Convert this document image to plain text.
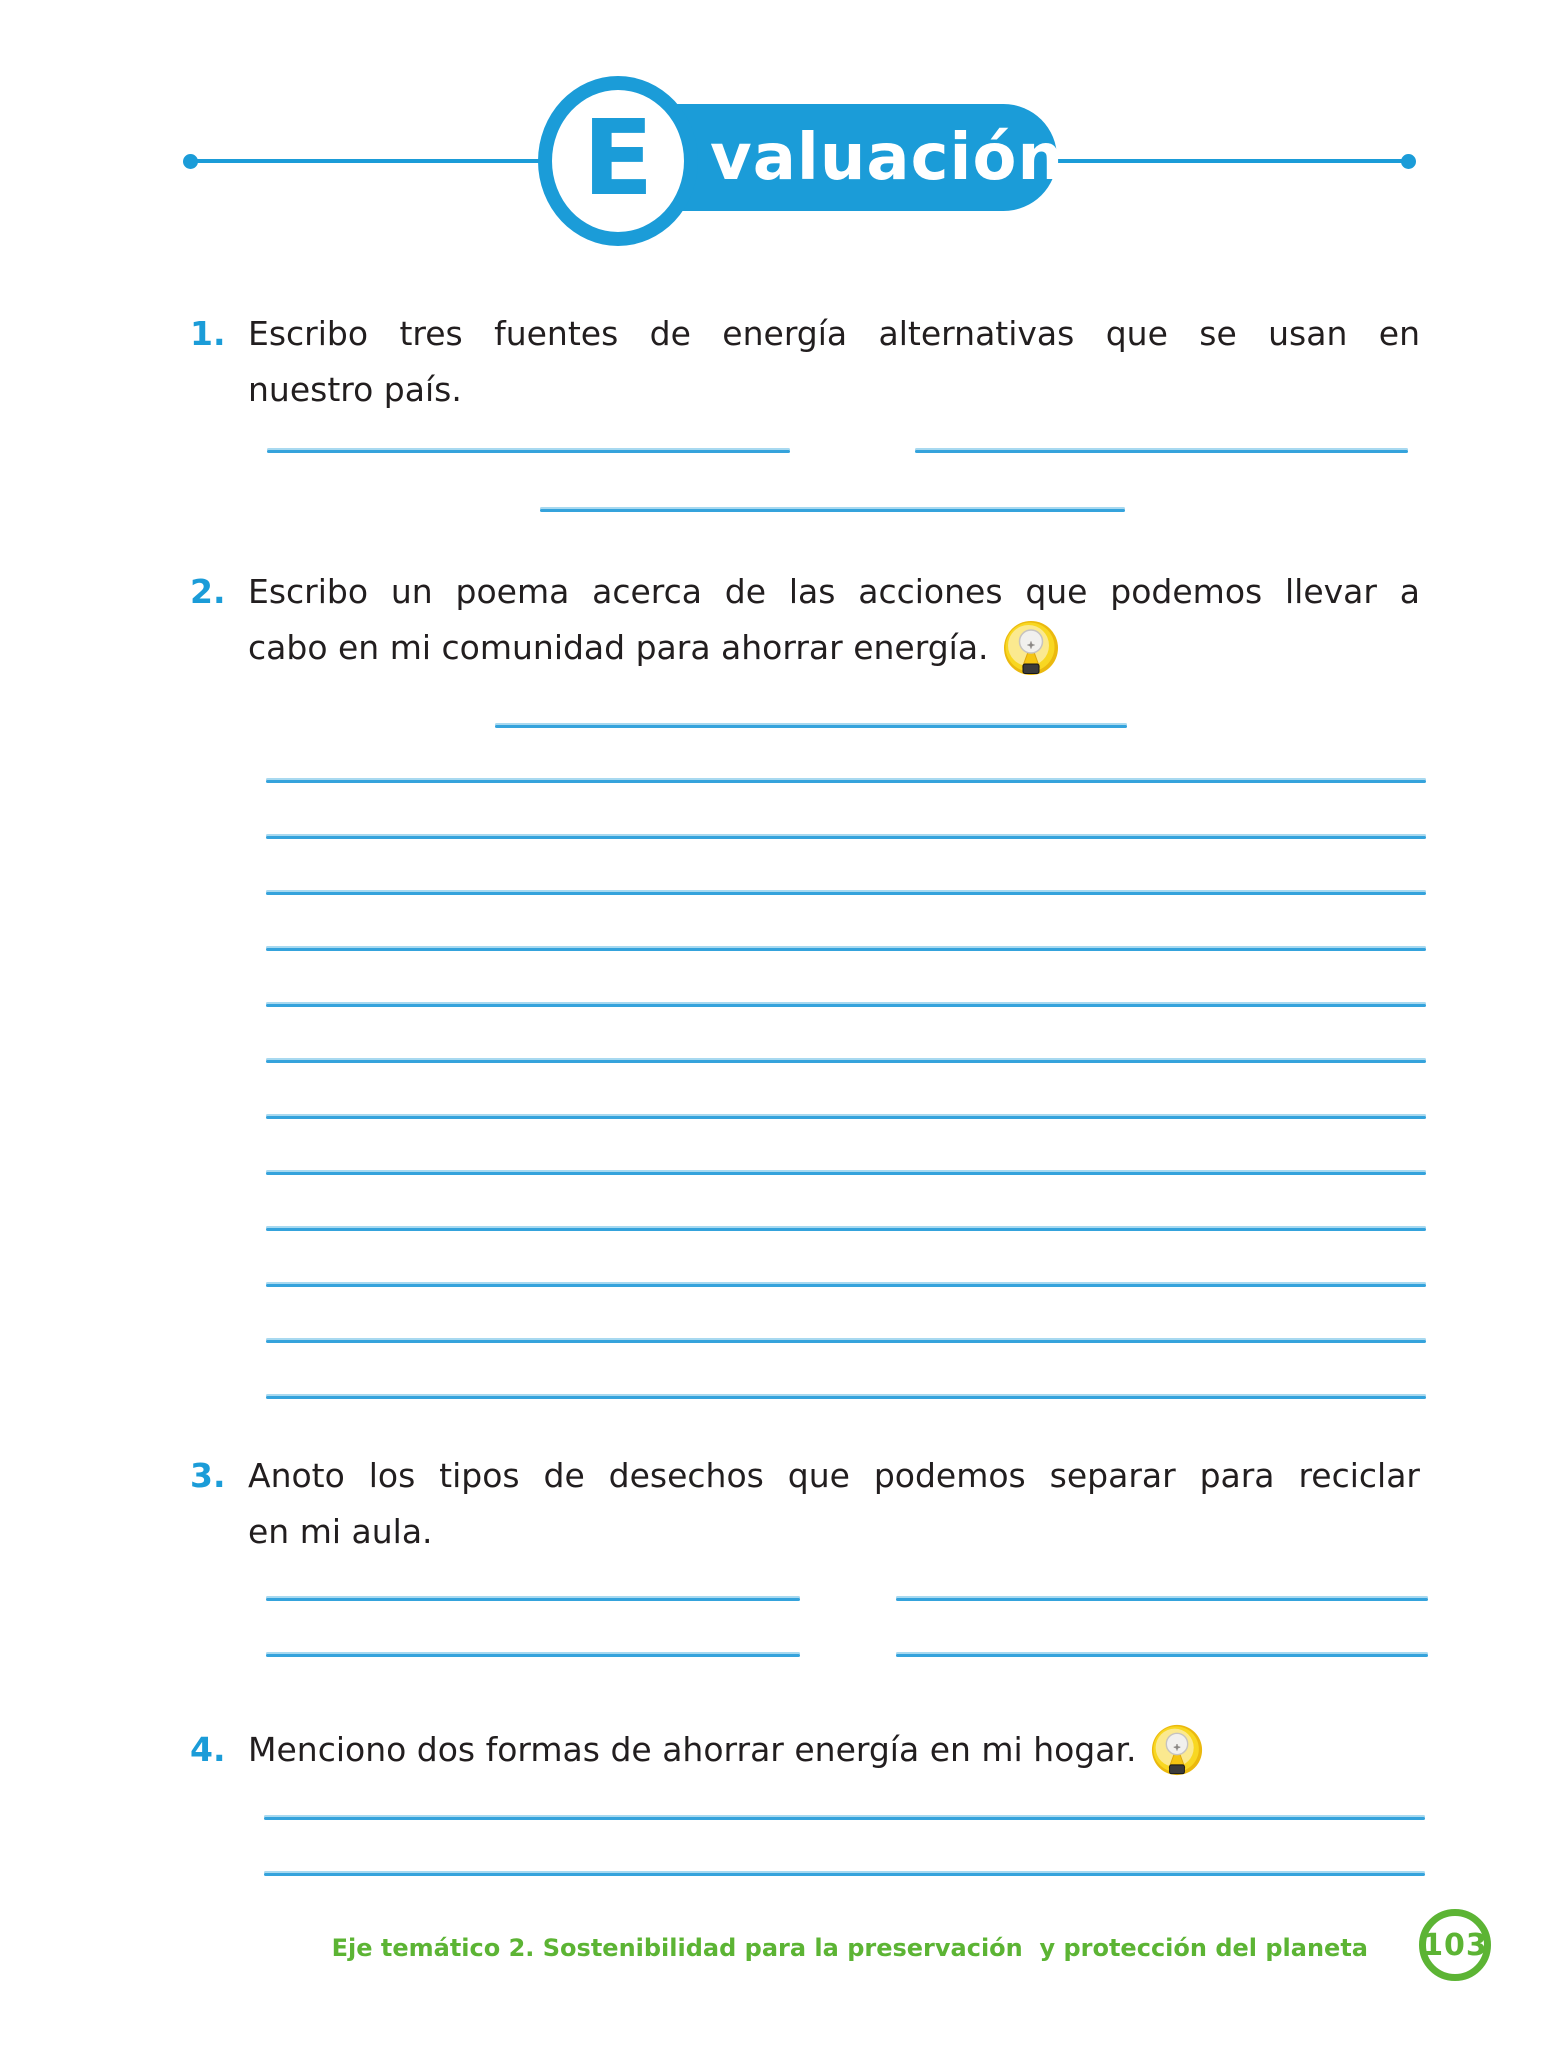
valuación
E
1. Escribo tres fuentes de energía alternativas que se usan en
nuestro país.
2. Escribo un poema acerca de las acciones que podemos llevar a
cabo en mi comunidad para ahorrar energía.
3. Anoto los tipos de desechos que podemos separar para reciclar
en mi aula.
4. Menciono dos formas de ahorrar energía en mi hogar.
Eje temático 2. Sostenibilidad para la preservación  y protección del planeta 103
